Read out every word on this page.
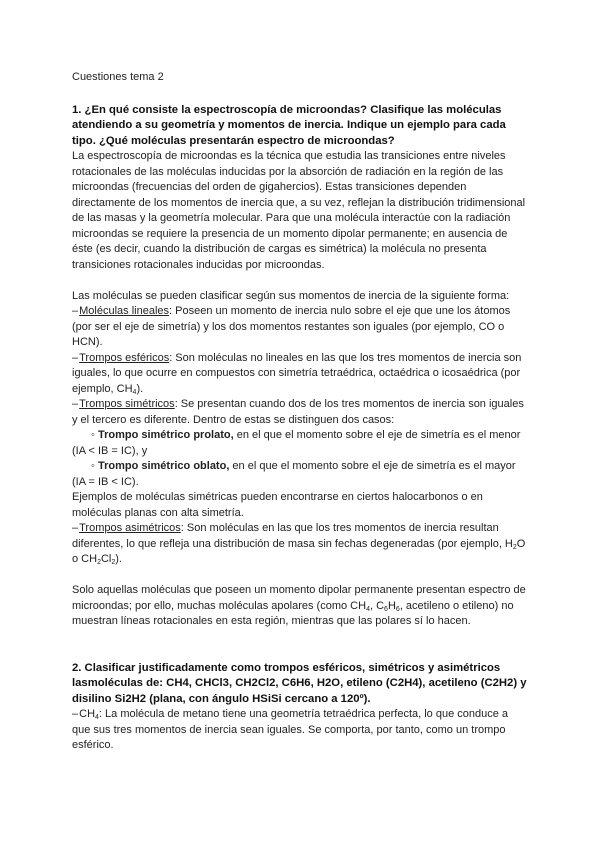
Cuestiones tema 2

1. ¿En qué consiste la espectroscopía de microondas? Clasifique las moléculas atendiendo a su geometría y momentos de inercia. Indique un ejemplo para cada tipo. ¿Qué moléculas presentarán espectro de microondas?

La espectroscopía de microondas es la técnica que estudia las transiciones entre niveles rotacionales de las moléculas inducidas por la absorción de radiación en la región de las microondas (frecuencias del orden de gigahercios). Estas transiciones dependen directamente de los momentos de inercia que, a su vez, reflejan la distribución tridimensional de las masas y la geometría molecular. Para que una molécula interactúe con la radiación microondas se requiere la presencia de un momento dipolar permanente; en ausencia de éste (es decir, cuando la distribución de cargas es simétrica) la molécula no presenta transiciones rotacionales inducidas por microondas.

Las moléculas se pueden clasificar según sus momentos de inercia de la siguiente forma:

–Moléculas lineales: Poseen un momento de inercia nulo sobre el eje que une los átomos (por ser el eje de simetría) y los dos momentos restantes son iguales (por ejemplo, CO o HCN).

–Trompos esféricos: Son moléculas no lineales en las que los tres momentos de inercia son iguales, lo que ocurre en compuestos con simetría tetraédrica, octaédrica o icosaédrica (por ejemplo, $CH_4$).

–Trompos simétricos: Se presentan cuando dos de los tres momentos de inercia son iguales y el tercero es diferente. Dentro de estas se distinguen dos casos:

◦ Trompo simétrico prolato, en el que el momento sobre el eje de simetría es el menor (IA < IB = IC), y

◦ Trompo simétrico oblato, en el que el momento sobre el eje de simetría es el mayor (IA = IB < IC).

Ejemplos de moléculas simétricas pueden encontrarse en ciertos halocarbonos o en moléculas planas con alta simetría.

–Trompos asimétricos: Son moléculas en las que los tres momentos de inercia resultan diferentes, lo que refleja una distribución de masa sin fechas degeneradas (por ejemplo, $H_2O$ o $CH_2Cl_2$).

Solo aquellas moléculas que poseen un momento dipolar permanente presentan espectro de microondas; por ello, muchas moléculas apolares (como $CH_4$, $C_6H_6$, acetileno o etileno) no muestran líneas rotacionales en esta región, mientras que las polares sí lo hacen.

2. Clasificar justificadamente como trompos esféricos, simétricos y asimétricos lasmoléculas de: CH4, CHCl3, CH2Cl2, C6H6, H2O, etileno (C2H4), acetileno (C2H2) y disilino Si2H2 (plana, con ángulo HSiSi cercano a 120º).

$-CH_4$: La molécula de metano tiene una geometría tetraédrica perfecta, lo que conduce a que sus tres momentos de inercia sean iguales. Se comporta, por tanto, como un trompo esférico.
